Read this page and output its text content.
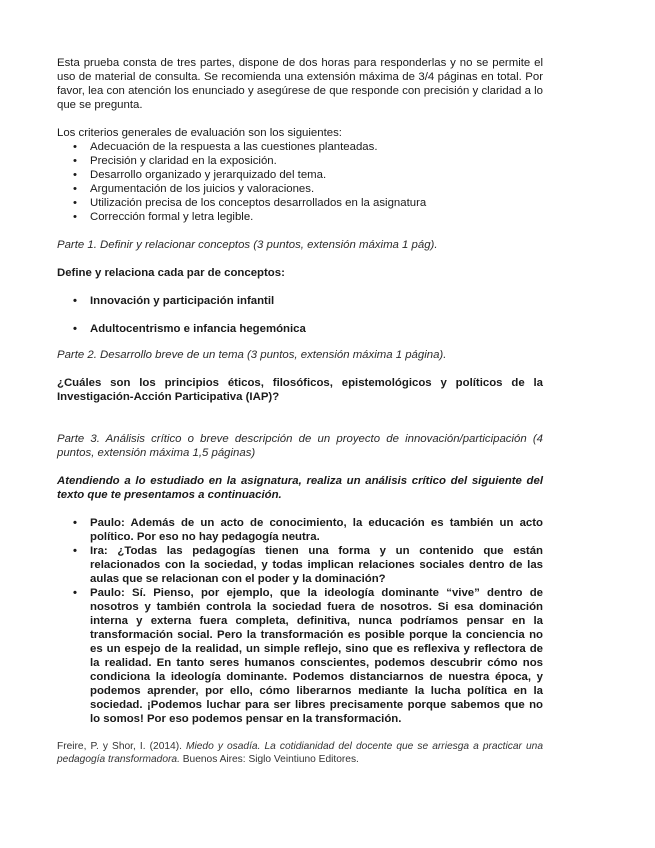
Esta prueba consta de tres partes, dispone de dos horas para responderlas y no se permite el uso de material de consulta. Se recomienda una extensión máxima de 3/4 páginas en total. Por favor, lea con atención los enunciado y asegúrese de que responde con precisión y claridad a lo que se pregunta.

Los criterios generales de evaluación son los siguientes:

• Adecuación de la respuesta a las cuestiones planteadas.
• Precisión y claridad en la exposición.
• Desarrollo organizado y jerarquizado del tema.
• Argumentación de los juicios y valoraciones.
• Utilización precisa de los conceptos desarrollados en la asignatura
• Corrección formal y letra legible.

Parte 1. Definir y relacionar conceptos (3 puntos, extensión máxima 1 pág).

Define y relaciona cada par de conceptos:

• Innovación y participación infantil
• Adultocentrismo e infancia hegemónica

Parte 2. Desarrollo breve de un tema (3 puntos, extensión máxima 1 página).

¿Cuáles son los principios éticos, filosóficos, epistemológicos y políticos de la Investigación-Acción Participativa (IAP)?

Parte 3. Análisis crítico o breve descripción de un proyecto de innovación/participación (4 puntos, extensión máxima 1,5 páginas)

Atendiendo a lo estudiado en la asignatura, realiza un análisis crítico del siguiente del texto que te presentamos a continuación.

• Paulo: Además de un acto de conocimiento, la educación es también un acto político. Por eso no hay pedagogía neutra.
• Ira: ¿Todas las pedagogías tienen una forma y un contenido que están relacionados con la sociedad, y todas implican relaciones sociales dentro de las aulas que se relacionan con el poder y la dominación?
• Paulo: Sí. Pienso, por ejemplo, que la ideología dominante “vive” dentro de nosotros y también controla la sociedad fuera de nosotros. Si esa dominación interna y externa fuera completa, definitiva, nunca podríamos pensar en la transformación social. Pero la transformación es posible porque la conciencia no es un espejo de la realidad, un simple reflejo, sino que es reflexiva y reflectora de la realidad. En tanto seres humanos conscientes, podemos descubrir cómo nos condiciona la ideología dominante. Podemos distanciarnos de nuestra época, y podemos aprender, por ello, cómo liberarnos mediante la lucha política en la sociedad. ¡Podemos luchar para ser libres precisamente porque sabemos que no lo somos! Por eso podemos pensar en la transformación.

Freire, P. y Shor, I. (2014). Miedo y osadía. La cotidianidad del docente que se arriesga a practicar una pedagogía transformadora. Buenos Aires: Siglo Veintiuno Editores.
